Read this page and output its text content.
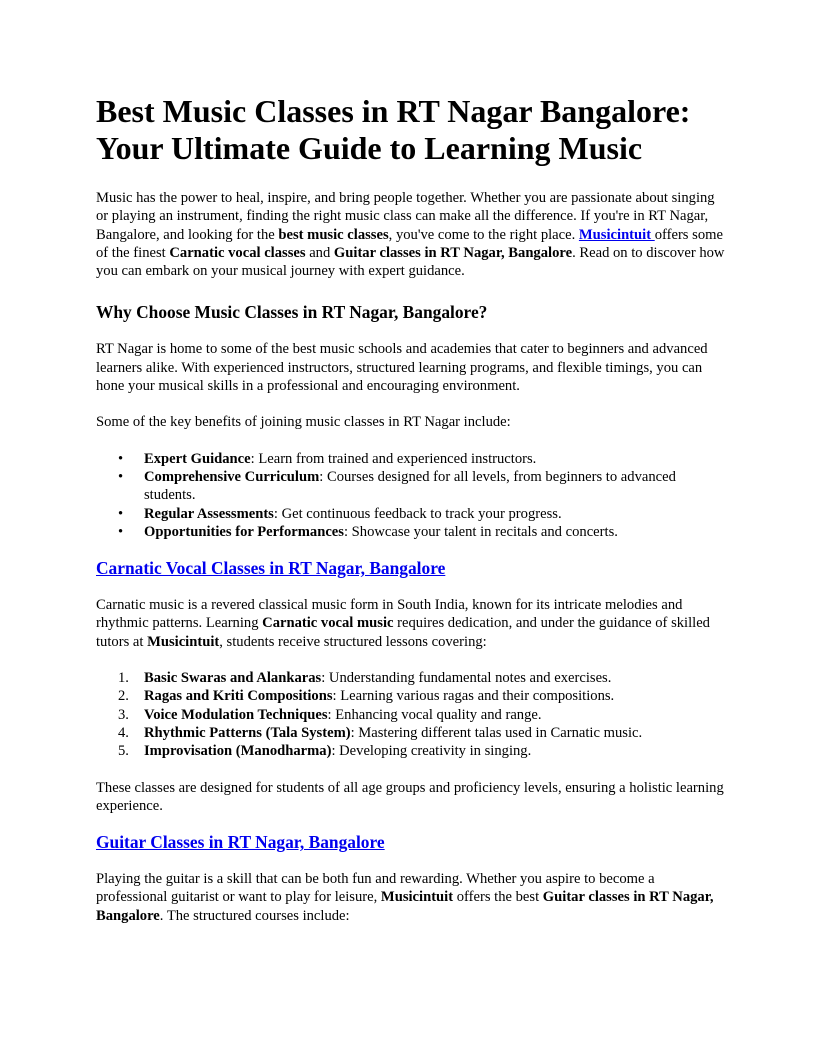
Best Music Classes in RT Nagar Bangalore:
Your Ultimate Guide to Learning Music

Music has the power to heal, inspire, and bring people together. Whether you are passionate about singing or playing an instrument, finding the right music class can make all the difference. If you're in RT Nagar, Bangalore, and looking for the best music classes, you've come to the right place. Musicintuit offers some of the finest Carnatic vocal classes and Guitar classes in RT Nagar, Bangalore. Read on to discover how you can embark on your musical journey with expert guidance.

Why Choose Music Classes in RT Nagar, Bangalore?

RT Nagar is home to some of the best music schools and academies that cater to beginners and advanced learners alike. With experienced instructors, structured learning programs, and flexible timings, you can hone your musical skills in a professional and encouraging environment.

Some of the key benefits of joining music classes in RT Nagar include:

• Expert Guidance: Learn from trained and experienced instructors.
• Comprehensive Curriculum: Courses designed for all levels, from beginners to advanced students.
• Regular Assessments: Get continuous feedback to track your progress.
• Opportunities for Performances: Showcase your talent in recitals and concerts.
Carnatic Vocal Classes in RT Nagar, Bangalore

Carnatic music is a revered classical music form in South India, known for its intricate melodies and rhythmic patterns. Learning Carnatic vocal music requires dedication, and under the guidance of skilled tutors at Musicintuit, students receive structured lessons covering:

1. Basic Swaras and Alankaras: Understanding fundamental notes and exercises.
2. Ragas and Kriti Compositions: Learning various ragas and their compositions.
3. Voice Modulation Techniques: Enhancing vocal quality and range.
4. Rhythmic Patterns (Tala System): Mastering different talas used in Carnatic music.
5. Improvisation (Manodharma): Developing creativity in singing.

These classes are designed for students of all age groups and proficiency levels, ensuring a holistic learning experience.

Guitar Classes in RT Nagar, Bangalore

Playing the guitar is a skill that can be both fun and rewarding. Whether you aspire to become a professional guitarist or want to play for leisure, Musicintuit offers the best Guitar classes in RT Nagar, Bangalore. The structured courses include:
